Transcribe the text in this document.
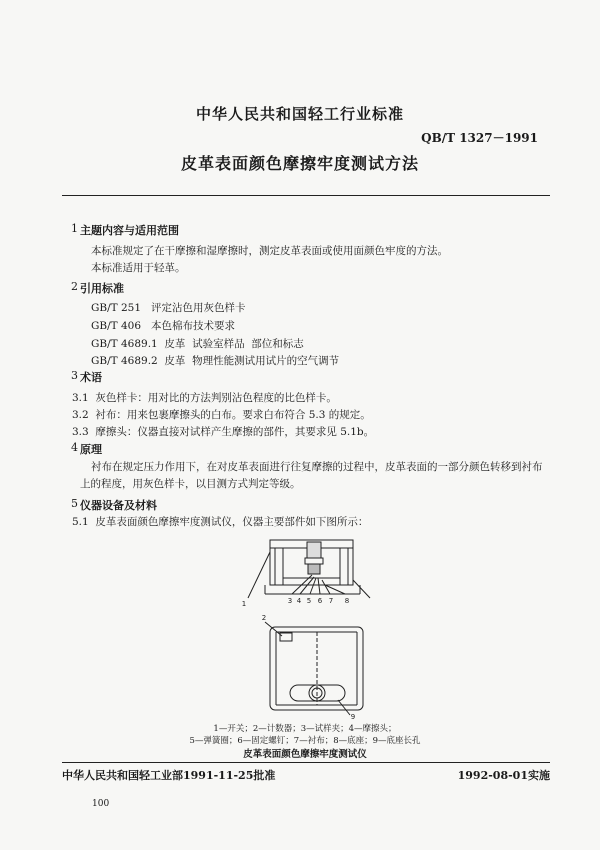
中华人民共和国轻工行业标准
QB/T 1327－1991
皮革表面颜色摩擦牢度测试方法
1 主题内容与适用范围
本标准规定了在干摩擦和湿摩擦时，测定皮革表面或使用面颜色牢度的方法。
本标准适用于轻革。
2 引用标准
GB/T 251   评定沾色用灰色样卡
GB/T 406   本色棉布技术要求
GB/T 4689.1  皮革  试验室样品  部位和标志
GB/T 4689.2  皮革  物理性能测试用试片的空气调节
3 术语
3.1  灰色样卡：用对比的方法判别沾色程度的比色样卡。
3.2  衬布：用来包裹摩擦头的白布。要求白布符合 5.3 的规定。
3.3  摩擦头：仪器直接对试样产生摩擦的部件，其要求见 5.1b。
4 原理
衬布在规定压力作用下，在对皮革表面进行往复摩擦的过程中，皮革表面的一部分颜色转移到衬布上的程度，用灰色样卡，以目测方式判定等级。
5 仪器设备及材料
5.1  皮革表面颜色摩擦牢度测试仪，仪器主要部件如下图所示：
1
2
3 4 5 6 7 8
9
1—开关；2—计数器；3—试样夹；4—摩擦头；
5—弹簧圈；6—固定螺钉；7—衬布；8—底座；9—底座长孔
皮革表面颜色摩擦牢度测试仪
中华人民共和国轻工业部1991-11-25批准	1992-08-01实施
100
